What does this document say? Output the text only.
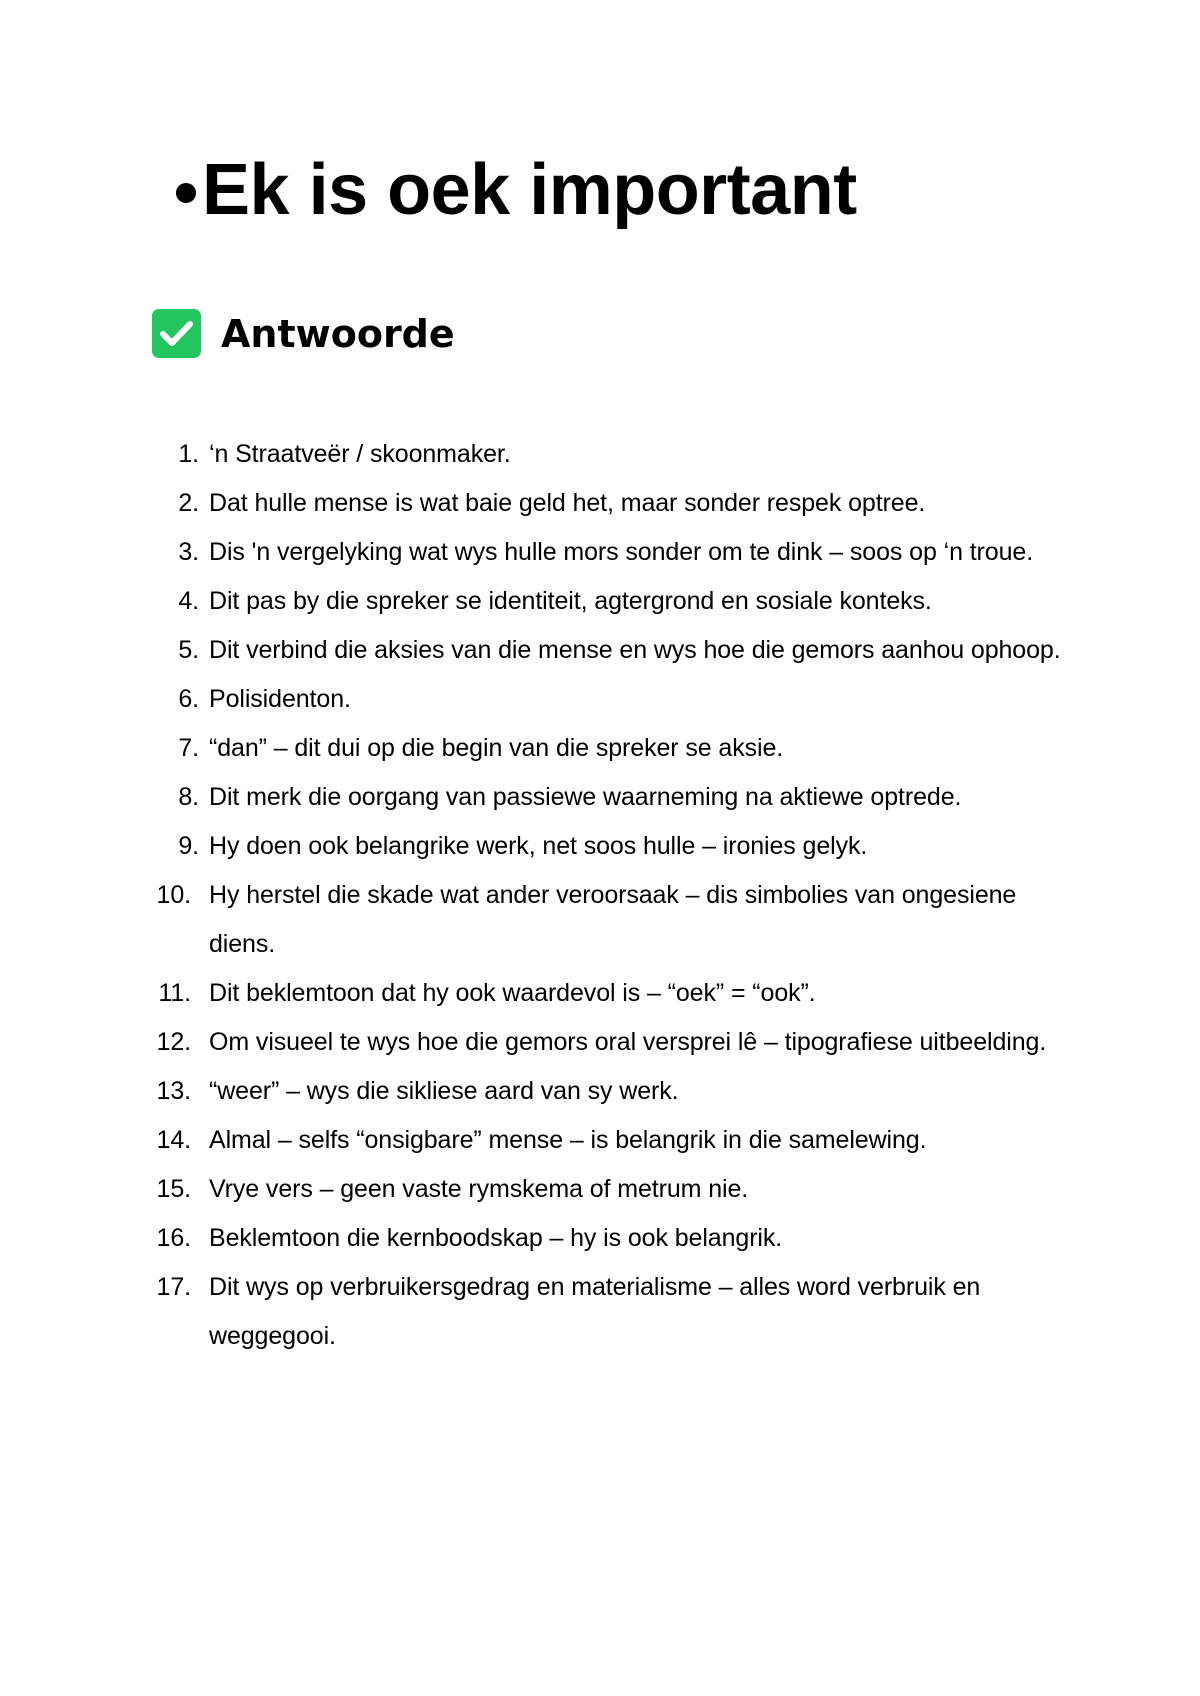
Ek is oek important
Antwoorde
1. ‘n Straatveër / skoonmaker.
2. Dat hulle mense is wat baie geld het, maar sonder respek optree.
3. Dis 'n vergelyking wat wys hulle mors sonder om te dink – soos op ‘n troue.
4. Dit pas by die spreker se identiteit, agtergrond en sosiale konteks.
5. Dit verbind die aksies van die mense en wys hoe die gemors aanhou ophoop.
6. Polisidenton.
7. “dan” – dit dui op die begin van die spreker se aksie.
8. Dit merk die oorgang van passiewe waarneming na aktiewe optrede.
9. Hy doen ook belangrike werk, net soos hulle – ironies gelyk.
10. Hy herstel die skade wat ander veroorsaak – dis simbolies van ongesiene diens.
11. Dit beklemtoon dat hy ook waardevol is – “oek” = “ook”.
12. Om visueel te wys hoe die gemors oral versprei lê – tipografiese uitbeelding.
13. “weer” – wys die sikliese aard van sy werk.
14. Almal – selfs “onsigbare” mense – is belangrik in die samelewing.
15. Vrye vers – geen vaste rymskema of metrum nie.
16. Beklemtoon die kernboodskap – hy is ook belangrik.
17. Dit wys op verbruikersgedrag en materialisme – alles word verbruik en weggegooi.
